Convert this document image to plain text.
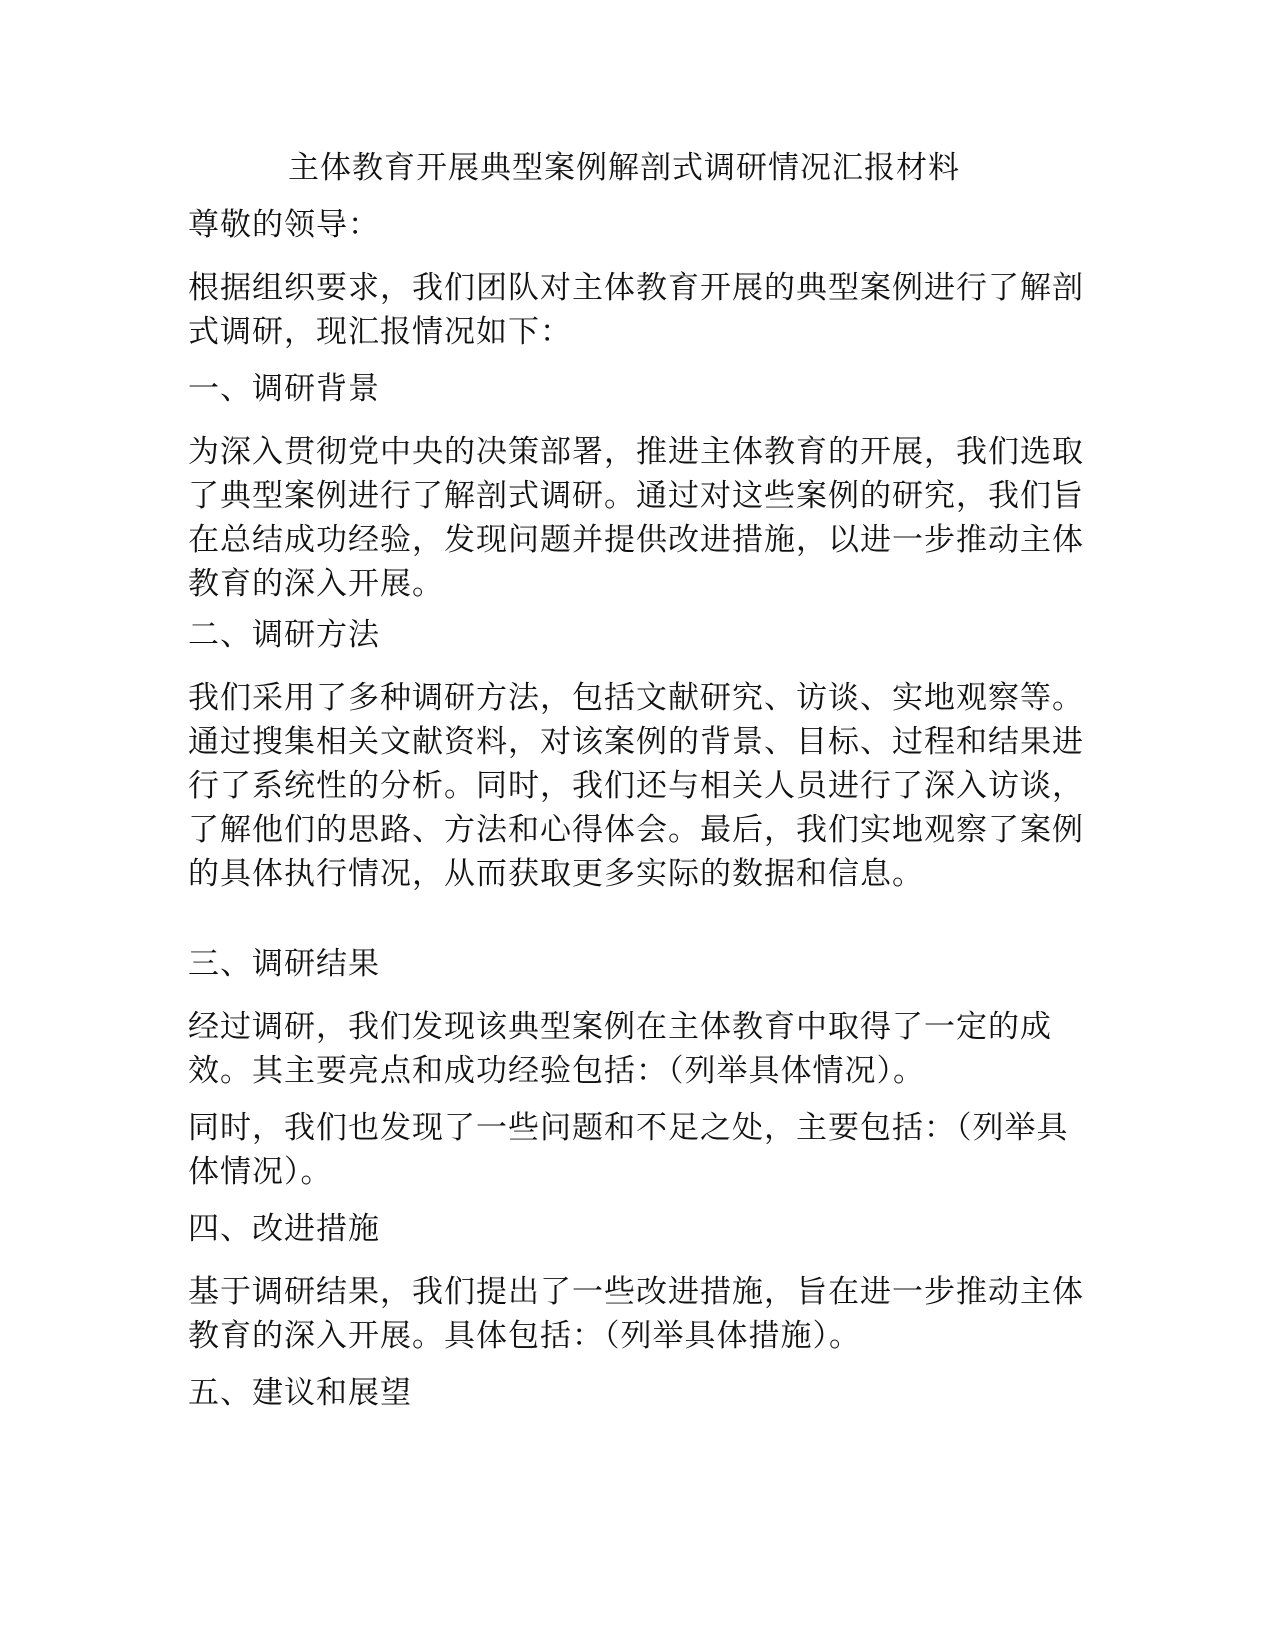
主体教育开展典型案例解剖式调研情况汇报材料

尊敬的领导：

根据组织要求，我们团队对主体教育开展的典型案例进行了解剖式调研，现汇报情况如下：

一、调研背景

为深入贯彻党中央的决策部署，推进主体教育的开展，我们选取了典型案例进行了解剖式调研。通过对这些案例的研究，我们旨在总结成功经验，发现问题并提供改进措施，以进一步推动主体教育的深入开展。

二、调研方法

我们采用了多种调研方法，包括文献研究、访谈、实地观察等。通过搜集相关文献资料，对该案例的背景、目标、过程和结果进行了系统性的分析。同时，我们还与相关人员进行了深入访谈，了解他们的思路、方法和心得体会。最后，我们实地观察了案例的具体执行情况，从而获取更多实际的数据和信息。

三、调研结果

经过调研，我们发现该典型案例在主体教育中取得了一定的成效。其主要亮点和成功经验包括：（列举具体情况）。

同时，我们也发现了一些问题和不足之处，主要包括：（列举具体情况）。

四、改进措施

基于调研结果，我们提出了一些改进措施，旨在进一步推动主体教育的深入开展。具体包括：（列举具体措施）。

五、建议和展望
